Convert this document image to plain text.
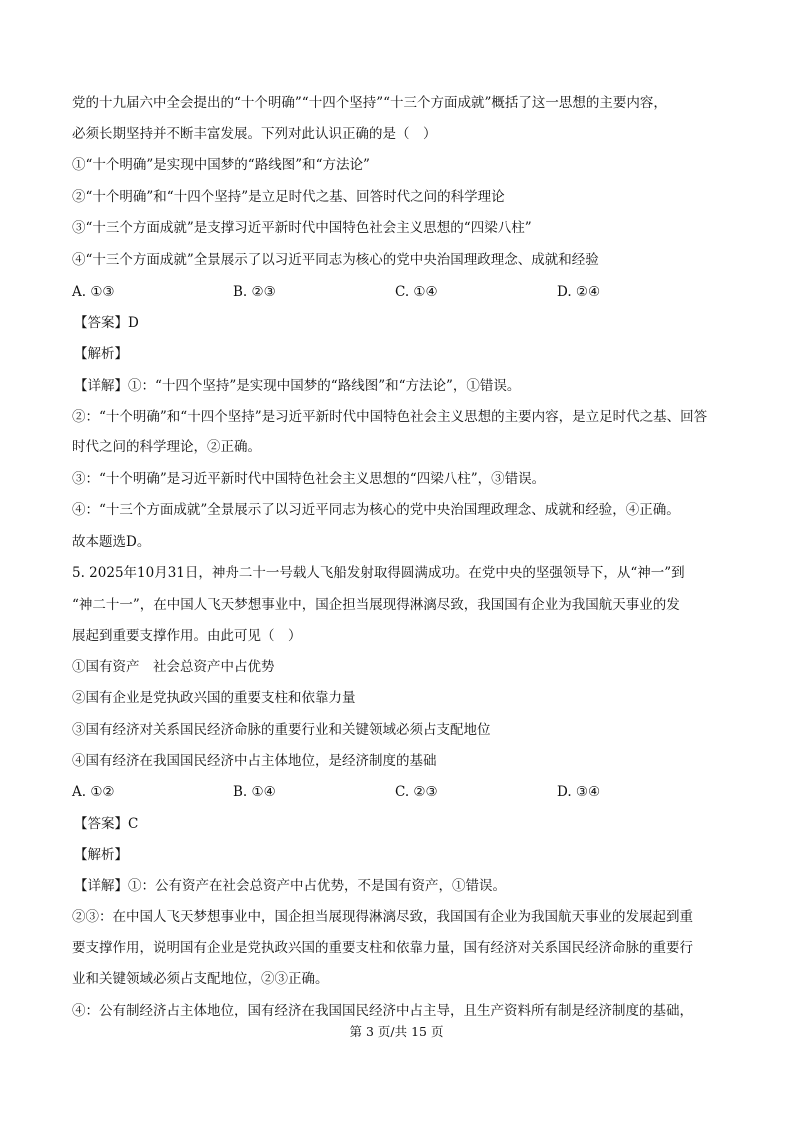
党的十九届六中全会提出的“十个明确”“十四个坚持”“十三个方面成就”概括了这一思想的主要内容，
必须长期坚持并不断丰富发展。下列对此认识正确的是（　）
①“十个明确”是实现中国梦的“路线图”和“方法论”
②“十个明确”和“十四个坚持”是立足时代之基、回答时代之问的科学理论
③“十三个方面成就”是支撑习近平新时代中国特色社会主义思想的“四梁八柱”
④“十三个方面成就”全景展示了以习近平同志为核心的党中央治国理政理念、成就和经验
A. ①③	B. ②③	C. ①④	D. ②④
【答案】D
【解析】
【详解】①：“十四个坚持”是实现中国梦的“路线图”和“方法论”，①错误。
②：“十个明确”和“十四个坚持”是习近平新时代中国特色社会主义思想的主要内容，是立足时代之基、回答
时代之问的科学理论，②正确。
③：“十个明确”是习近平新时代中国特色社会主义思想的“四梁八柱”，③错误。
④：“十三个方面成就”全景展示了以习近平同志为核心的党中央治国理政理念、成就和经验，④正确。
故本题选D。
5. 2025年10月31日，神舟二十一号载人飞船发射取得圆满成功。在党中央的坚强领导下，从“神一”到
“神二十一”，在中国人飞天梦想事业中，国企担当展现得淋漓尽致，我国国有企业为我国航天事业的发
展起到重要支撑作用。由此可见（　）
①国有资产　社会总资产中占优势
②国有企业是党执政兴国的重要支柱和依靠力量
③国有经济对关系国民经济命脉的重要行业和关键领域必须占支配地位
④国有经济在我国国民经济中占主体地位，是经济制度的基础
A. ①②	B. ①④	C. ②③	D. ③④
【答案】C
【解析】
【详解】①：公有资产在社会总资产中占优势，不是国有资产，①错误。
②③：在中国人飞天梦想事业中，国企担当展现得淋漓尽致，我国国有企业为我国航天事业的发展起到重
要支撑作用，说明国有企业是党执政兴国的重要支柱和依靠力量，国有经济对关系国民经济命脉的重要行
业和关键领域必须占支配地位，②③正确。
④：公有制经济占主体地位，国有经济在我国国民经济中占主导，且生产资料所有制是经济制度的基础，
第 3 页/共 15 页
